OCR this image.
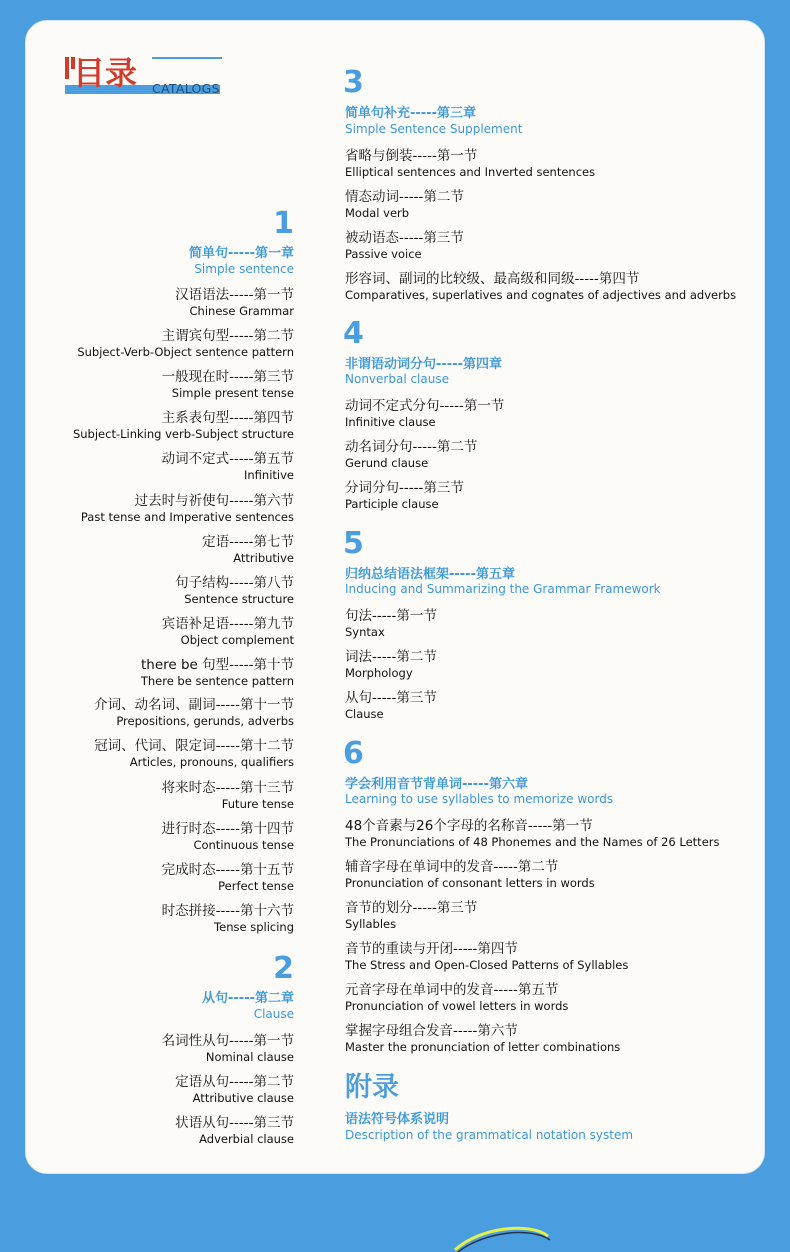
目录 CATALOGS
1
简单句-----第一章
Simple sentence
汉语语法-----第一节
Chinese Grammar
主谓宾句型-----第二节
Subject-Verb-Object sentence pattern
一般现在时-----第三节
Simple present tense
主系表句型-----第四节
Subject-Linking verb-Subject structure
动词不定式-----第五节
Infinitive
过去时与祈使句-----第六节
Past tense and Imperative sentences
定语-----第七节
Attributive
句子结构-----第八节
Sentence structure
宾语补足语-----第九节
Object complement
there be 句型-----第十节
There be sentence pattern
介词、动名词、副词-----第十一节
Prepositions, gerunds, adverbs
冠词、代词、限定词-----第十二节
Articles, pronouns, qualifiers
将来时态-----第十三节
Future tense
进行时态-----第十四节
Continuous tense
完成时态-----第十五节
Perfect tense
时态拼接-----第十六节
Tense splicing
2
从句-----第二章
Clause
名词性从句-----第一节
Nominal clause
定语从句-----第二节
Attributive clause
状语从句-----第三节
Adverbial clause
3
简单句补充-----第三章
Simple Sentence Supplement
省略与倒装-----第一节
Elliptical sentences and Inverted sentences
情态动词-----第二节
Modal verb
被动语态-----第三节
Passive voice
形容词、副词的比较级、最高级和同级-----第四节
Comparatives, superlatives and cognates of adjectives and adverbs
4
非谓语动词分句-----第四章
Nonverbal clause
动词不定式分句-----第一节
Infinitive clause
动名词分句-----第二节
Gerund clause
分词分句-----第三节
Participle clause
5
归纳总结语法框架-----第五章
Inducing and Summarizing the Grammar Framework
句法-----第一节
Syntax
词法-----第二节
Morphology
从句-----第三节
Clause
6
学会利用音节背单词-----第六章
Learning to use syllables to memorize words
48个音素与26个字母的名称音-----第一节
The Pronunciations of 48 Phonemes and the Names of 26 Letters
辅音字母在单词中的发音-----第二节
Pronunciation of consonant letters in words
音节的划分-----第三节
Syllables
音节的重读与开闭-----第四节
The Stress and Open-Closed Patterns of Syllables
元音字母在单词中的发音-----第五节
Pronunciation of vowel letters in words
掌握字母组合发音-----第六节
Master the pronunciation of letter combinations
附录
语法符号体系说明
Description of the grammatical notation system
